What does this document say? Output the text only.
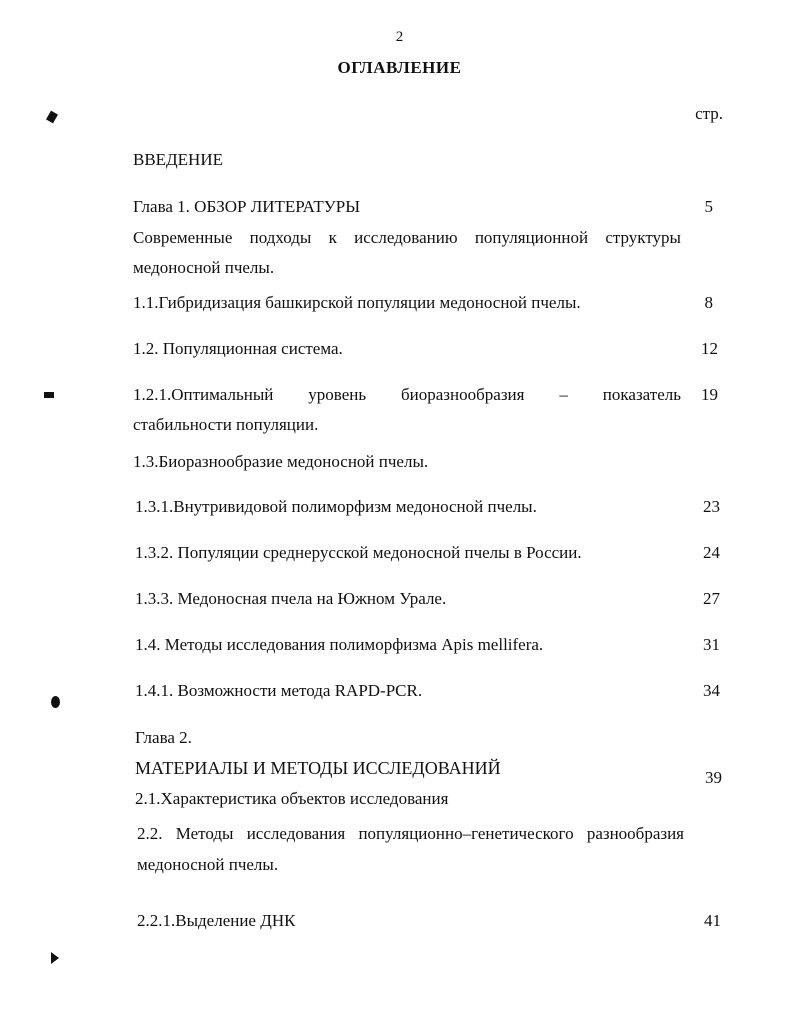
2
ОГЛАВЛЕНИЕ
стр.
ВВЕДЕНИЕ
Глава 1. ОБЗОР ЛИТЕРАТУРЫ	5
Современные подходы к исследованию популяционной структуры
медоносной пчелы.
1.1.Гибридизация башкирской популяции медоносной пчелы.	8
1.2. Популяционная система.	12
1.2.1.Оптимальный уровень биоразнообразия – показатель	19
стабильности популяции.
1.3.Биоразнообразие медоносной пчелы.
1.3.1.Внутривидовой полиморфизм медоносной пчелы.	23
1.3.2. Популяции среднерусской медоносной пчелы в России.	24
1.3.3. Медоносная пчела на Южном Урале.	27
1.4. Методы исследования полиморфизма Apis mellifera.	31
1.4.1. Возможности метода RAPD-PCR.	34
Глава 2.
МАТЕРИАЛЫ И МЕТОДЫ ИССЛЕДОВАНИЙ	39
2.1.Характеристика объектов исследования
2.2. Методы исследования популяционно–генетического разнообразия
медоносной пчелы.
2.2.1.Выделение ДНК	41
